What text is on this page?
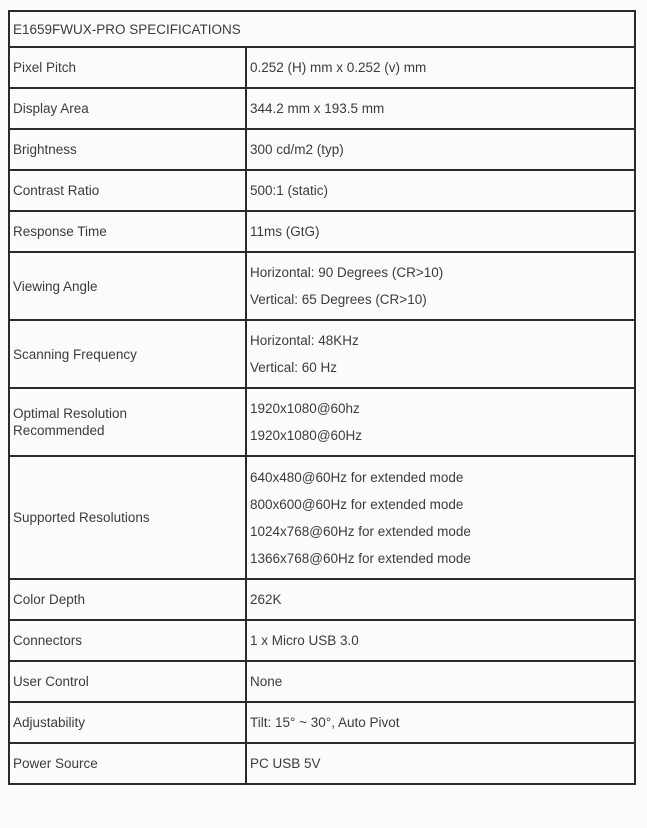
E1659FWUX-PRO SPECIFICATIONS	
Pixel Pitch	0.252 (H) mm x 0.252 (v) mm

Display Area	344.2 mm x 193.5 mm

Brightness	300 cd/m2 (typ)

Contrast Ratio	500:1 (static)

Response Time	11ms (GtG)

Viewing Angle	Horizontal: 90 Degrees (CR>10)
Vertical: 65 Degrees (CR>10)

Scanning Frequency	Horizontal: 48KHz
Vertical: 60 Hz

Optimal Resolution Recommended	1920x1080@60hz
1920x1080@60Hz

Supported Resolutions	640x480@60Hz for extended mode
800x600@60Hz for extended mode
1024x768@60Hz for extended mode
1366x768@60Hz for extended mode

Color Depth	262K

Connectors	1 x Micro USB 3.0

User Control	None

Adjustability	Tilt: 15° ~ 30°, Auto Pivot

Power Source	PC USB 5V
